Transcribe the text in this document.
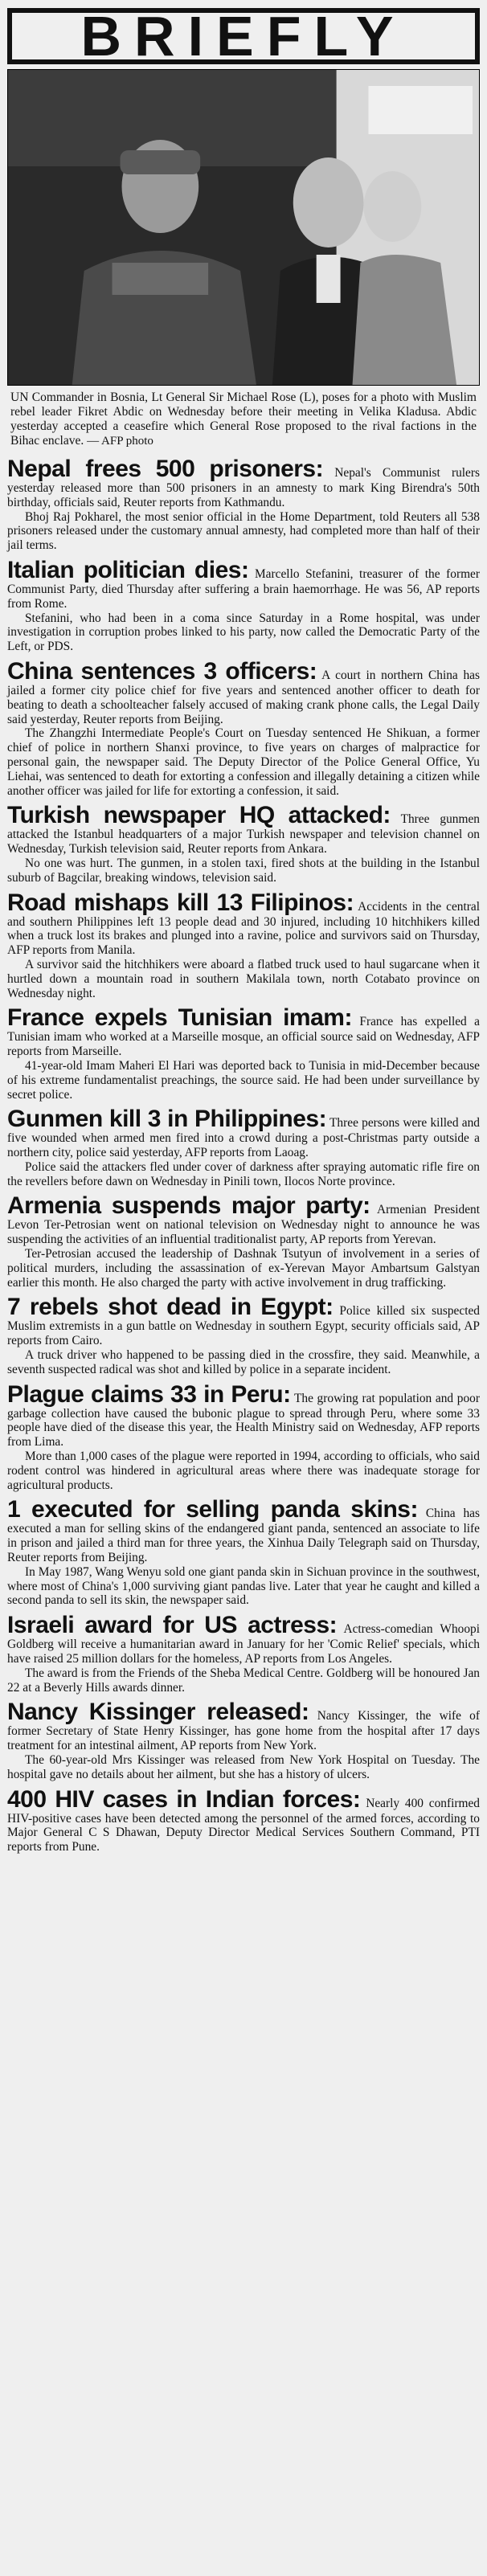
BRIEFLY
UN Commander in Bosnia, Lt General Sir Michael Rose (L), poses for a photo with Muslim rebel leader Fikret Abdic on Wednesday before their meeting in Velika Kladusa. Abdic yesterday accepted a ceasefire which General Rose proposed to the rival factions in the Bihac enclave. — AFP photo

Nepal frees 500 prisoners: Nepal's Communist rulers yesterday released more than 500 prisoners in an amnesty to mark King Birendra's 50th birthday, officials said, Reuter reports from Kathmandu.

Bhoj Raj Pokharel, the most senior official in the Home Department, told Reuters all 538 prisoners released under the customary annual amnesty, had completed more than half of their jail terms.

Italian politician dies: Marcello Stefanini, treasurer of the former Communist Party, died Thursday after suffering a brain haemorrhage. He was 56, AP reports from Rome.

Stefanini, who had been in a coma since Saturday in a Rome hospital, was under investigation in corruption probes linked to his party, now called the Democratic Party of the Left, or PDS.

China sentences 3 officers: A court in northern China has jailed a former city police chief for five years and sentenced another officer to death for beating to death a schoolteacher falsely accused of making crank phone calls, the Legal Daily said yesterday, Reuter reports from Beijing.

The Zhangzhi Intermediate People's Court on Tuesday sentenced He Shikuan, a former chief of police in northern Shanxi province, to five years on charges of malpractice for personal gain, the newspaper said. The Deputy Director of the Police General Office, Yu Liehai, was sentenced to death for extorting a confession and illegally detaining a citizen while another officer was jailed for life for extorting a confession, it said.

Turkish newspaper HQ attacked: Three gunmen attacked the Istanbul headquarters of a major Turkish newspaper and television channel on Wednesday, Turkish television said, Reuter reports from Ankara.

No one was hurt. The gunmen, in a stolen taxi, fired shots at the building in the Istanbul suburb of Bagcilar, breaking windows, television said.

Road mishaps kill 13 Filipinos: Accidents in the central and southern Philippines left 13 people dead and 30 injured, including 10 hitchhikers killed when a truck lost its brakes and plunged into a ravine, police and survivors said on Thursday, AFP reports from Manila.

A survivor said the hitchhikers were aboard a flatbed truck used to haul sugarcane when it hurtled down a mountain road in southern Makilala town, north Cotabato province on Wednesday night.

France expels Tunisian imam: France has expelled a Tunisian imam who worked at a Marseille mosque, an official source said on Wednesday, AFP reports from Marseille.

41-year-old Imam Maheri El Hari was deported back to Tunisia in mid-December because of his extreme fundamentalist preachings, the source said. He had been under surveillance by secret police.

Gunmen kill 3 in Philippines: Three persons were killed and five wounded when armed men fired into a crowd during a post-Christmas party outside a northern city, police said yesterday, AFP reports from Laoag.

Police said the attackers fled under cover of darkness after spraying automatic rifle fire on the revellers before dawn on Wednesday in Pinili town, Ilocos Norte province.

Armenia suspends major party: Armenian President Levon Ter-Petrosian went on national television on Wednesday night to announce he was suspending the activities of an influential traditionalist party, AP reports from Yerevan.

Ter-Petrosian accused the leadership of Dashnak Tsutyun of involvement in a series of political murders, including the assassination of ex-Yerevan Mayor Ambartsum Galstyan earlier this month. He also charged the party with active involvement in drug trafficking.

7 rebels shot dead in Egypt: Police killed six suspected Muslim extremists in a gun battle on Wednesday in southern Egypt, security officials said, AP reports from Cairo.

A truck driver who happened to be passing died in the crossfire, they said. Meanwhile, a seventh suspected radical was shot and killed by police in a separate incident.

Plague claims 33 in Peru: The growing rat population and poor garbage collection have caused the bubonic plague to spread through Peru, where some 33 people have died of the disease this year, the Health Ministry said on Wednesday, AFP reports from Lima.

More than 1,000 cases of the plague were reported in 1994, according to officials, who said rodent control was hindered in agricultural areas where there was inadequate storage for agricultural products.

1 executed for selling panda skins: China has executed a man for selling skins of the endangered giant panda, sentenced an associate to life in prison and jailed a third man for three years, the Xinhua Daily Telegraph said on Thursday, Reuter reports from Beijing.

In May 1987, Wang Wenyu sold one giant panda skin in Sichuan province in the southwest, where most of China's 1,000 surviving giant pandas live. Later that year he caught and killed a second panda to sell its skin, the newspaper said.

Israeli award for US actress: Actress-comedian Whoopi Goldberg will receive a humanitarian award in January for her 'Comic Relief' specials, which have raised 25 million dollars for the homeless, AP reports from Los Angeles.

The award is from the Friends of the Sheba Medical Centre. Goldberg will be honoured Jan 22 at a Beverly Hills awards dinner.

Nancy Kissinger released: Nancy Kissinger, the wife of former Secretary of State Henry Kissinger, has gone home from the hospital after 17 days treatment for an intestinal ailment, AP reports from New York.

The 60-year-old Mrs Kissinger was released from New York Hospital on Tuesday. The hospital gave no details about her ailment, but she has a history of ulcers.

400 HIV cases in Indian forces: Nearly 400 confirmed HIV-positive cases have been detected among the personnel of the armed forces, according to Major General C S Dhawan, Deputy Director Medical Services Southern Command, PTI reports from Pune.
